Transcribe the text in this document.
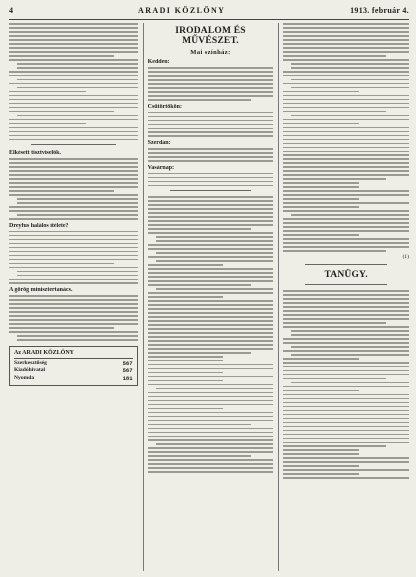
4	ARADI KÖZLÖNY	1913. február 4.
Elkésett tisztviselők.
Dreyfus halálos ítélete?
A görög minisztertanács.
Az ARADI KÖZLÖNY
Szerkesztőség	567
Kiadóhivatal	567
Nyomda	181
IRODALOM ÉS MŰVÉSZET.
Mai színház:
Kedden:
Csütörtökön:
Szerdán:
Vasárnap:
(1)
TANÜGY.
